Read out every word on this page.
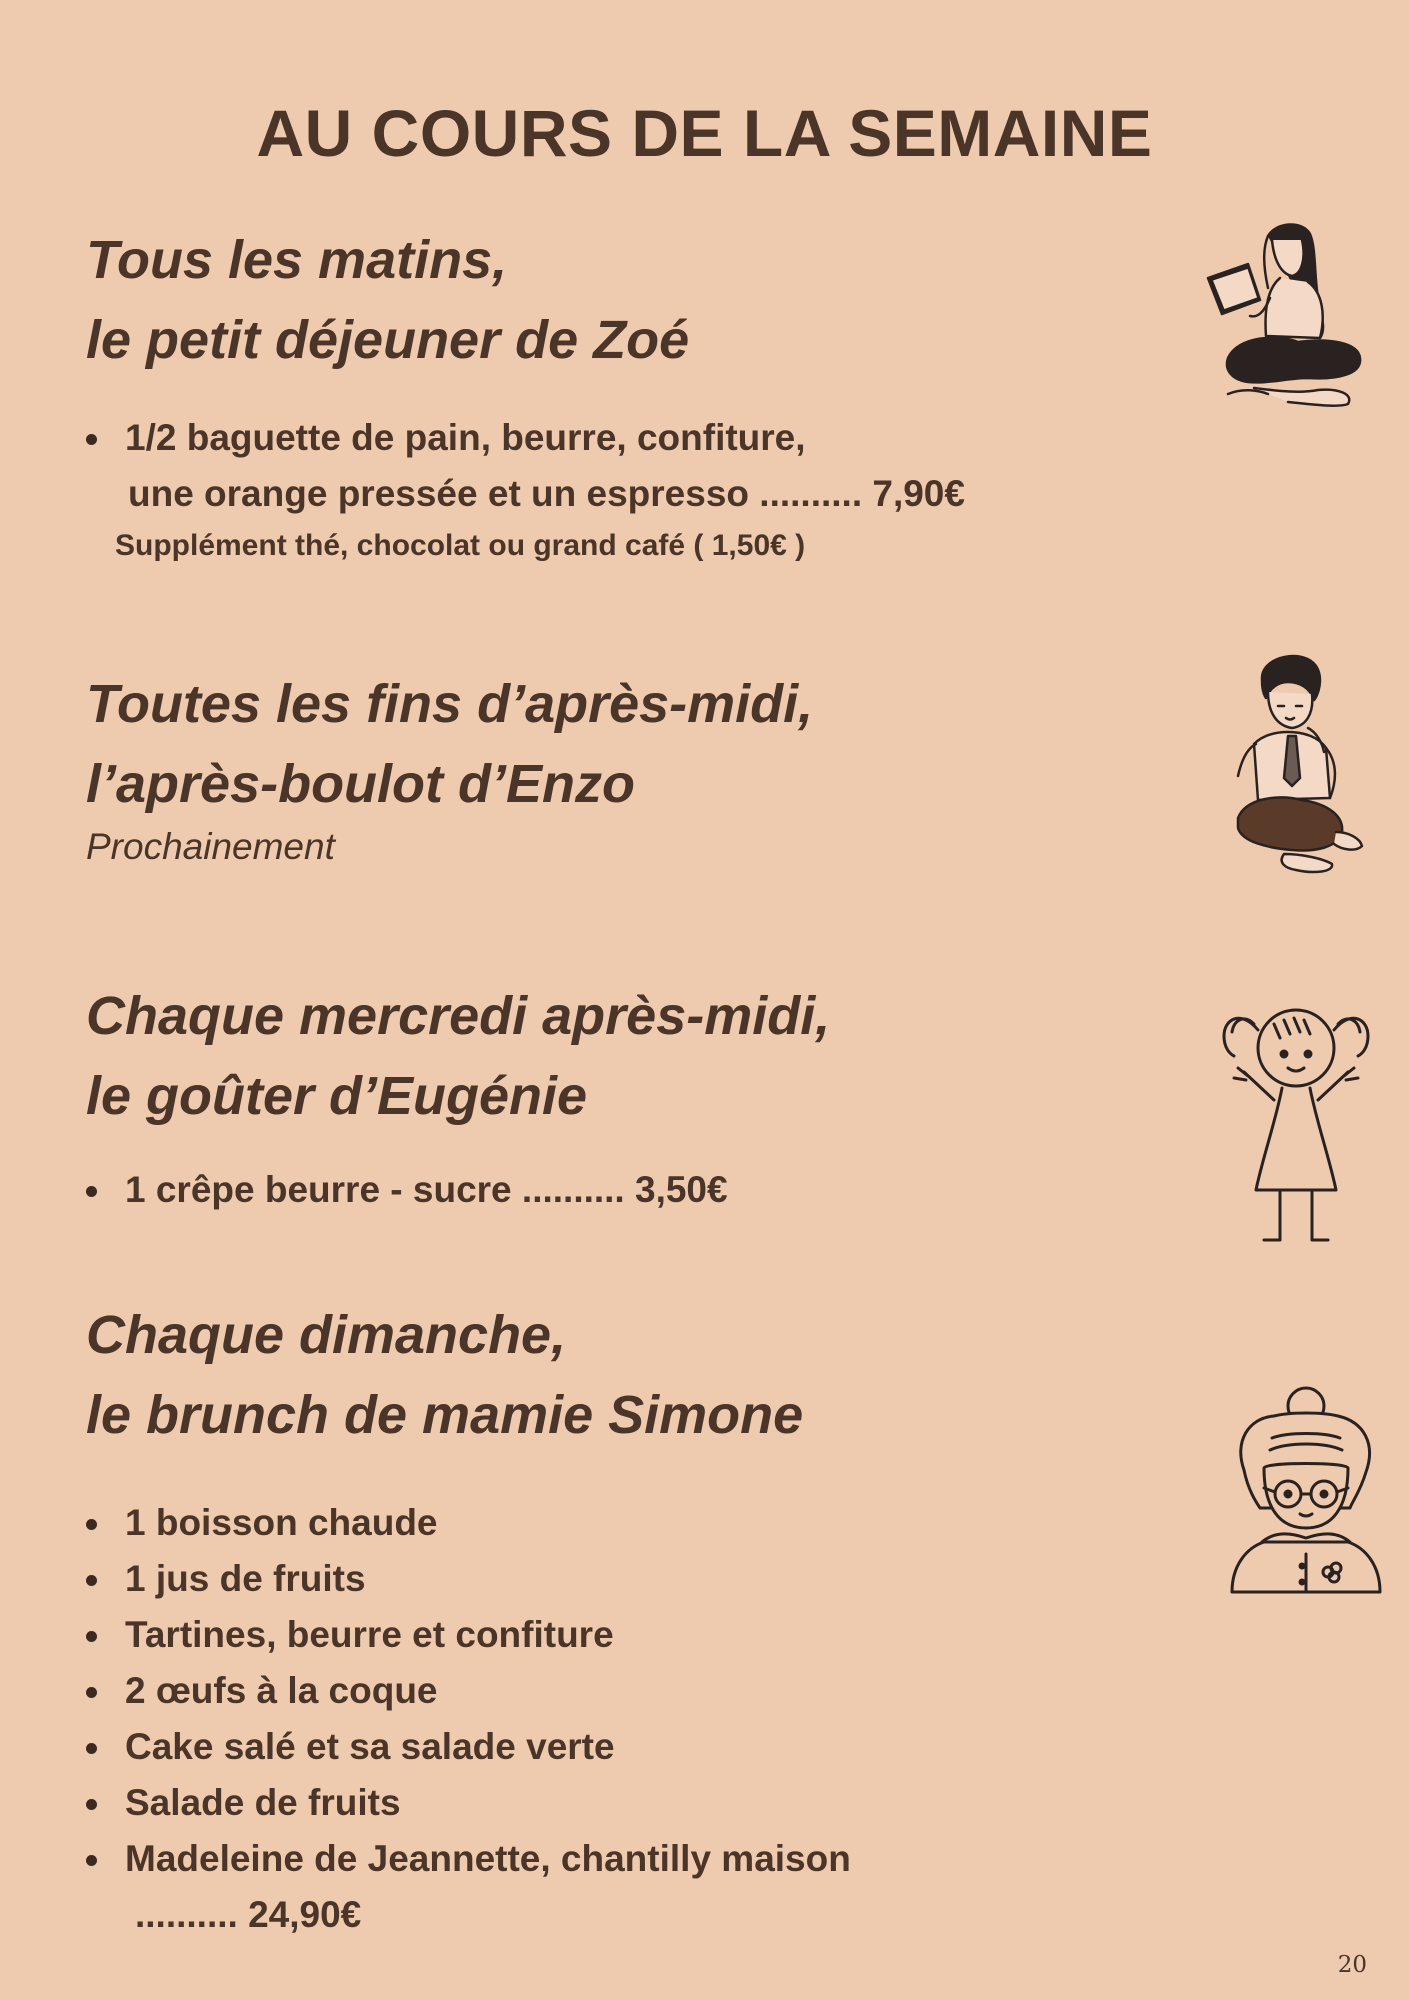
AU COURS DE LA SEMAINE
Tous les matins,
le petit déjeuner de Zoé
1/2 baguette de pain, beurre, confiture,
une orange pressée et un espresso .......... 7,90€
Supplément thé, chocolat ou grand café ( 1,50€ )
Toutes les fins d’après-midi,
l’après-boulot d’Enzo

Prochainement

Chaque mercredi après-midi,
le goûter d’Eugénie
1 crêpe beurre - sucre .......... 3,50€
Chaque dimanche,
le brunch de mamie Simone
1 boisson chaude
1 jus de fruits
Tartines, beurre et confiture
2 œufs à la coque
Cake salé et sa salade verte
Salade de fruits
Madeleine de Jeannette, chantilly maison
.......... 24,90€
20
